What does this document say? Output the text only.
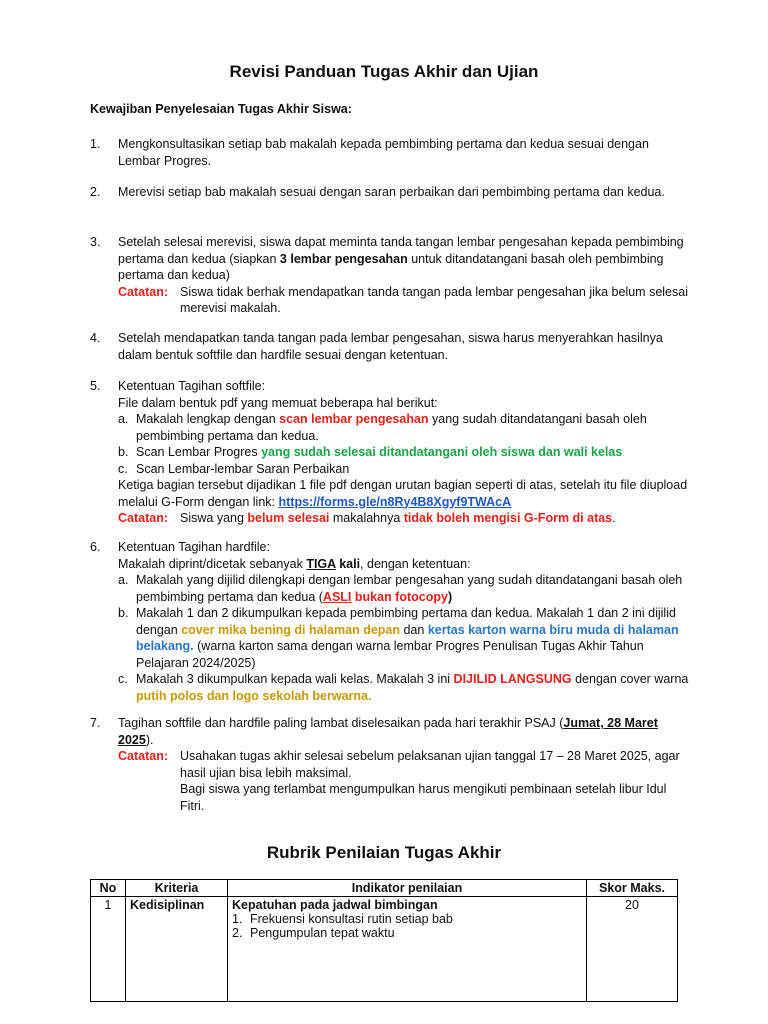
Revisi Panduan Tugas Akhir dan Ujian
Kewajiban Penyelesaian Tugas Akhir Siswa:
1. Mengkonsultasikan setiap bab makalah kepada pembimbing pertama dan kedua sesuai dengan Lembar Progres.
2. Merevisi setiap bab makalah sesuai dengan saran perbaikan dari pembimbing pertama dan kedua.
3. Setelah selesai merevisi, siswa dapat meminta tanda tangan lembar pengesahan kepada pembimbing pertama dan kedua (siapkan 3 lembar pengesahan untuk ditandatangani basah oleh pembimbing pertama dan kedua)
Catatan: Siswa tidak berhak mendapatkan tanda tangan pada lembar pengesahan jika belum selesai merevisi makalah.
4. Setelah mendapatkan tanda tangan pada lembar pengesahan, siswa harus menyerahkan hasilnya dalam bentuk softfile dan hardfile sesuai dengan ketentuan.
5. Ketentuan Tagihan softfile:
File dalam bentuk pdf yang memuat beberapa hal berikut:
a. Makalah lengkap dengan scan lembar pengesahan yang sudah ditandatangani basah oleh pembimbing pertama dan kedua.
b. Scan Lembar Progres yang sudah selesai ditandatangani oleh siswa dan wali kelas
c. Scan Lembar-lembar Saran Perbaikan
Ketiga bagian tersebut dijadikan 1 file pdf dengan urutan bagian seperti di atas, setelah itu file diupload melalui G-Form dengan link: https://forms.gle/n8Ry4B8Xgyf9TWAcA
Catatan: Siswa yang belum selesai makalahnya tidak boleh mengisi G-Form di atas.
6. Ketentuan Tagihan hardfile:
Makalah diprint/dicetak sebanyak TIGA kali, dengan ketentuan:
a. Makalah yang dijilid dilengkapi dengan lembar pengesahan yang sudah ditandatangani basah oleh pembimbing pertama dan kedua (ASLI bukan fotocopy)
b. Makalah 1 dan 2 dikumpulkan kepada pembimbing pertama dan kedua. Makalah 1 dan 2 ini dijilid dengan cover mika bening di halaman depan dan kertas karton warna biru muda di halaman belakang. (warna karton sama dengan warna lembar Progres Penulisan Tugas Akhir Tahun Pelajaran 2024/2025)
c. Makalah 3 dikumpulkan kepada wali kelas. Makalah 3 ini DIJILID LANGSUNG dengan cover warna putih polos dan logo sekolah berwarna.
7. Tagihan softfile dan hardfile paling lambat diselesaikan pada hari terakhir PSAJ (Jumat, 28 Maret 2025).
Catatan: Usahakan tugas akhir selesai sebelum pelaksanan ujian tanggal 17 – 28 Maret 2025, agar hasil ujian bisa lebih maksimal.
Bagi siswa yang terlambat mengumpulkan harus mengikuti pembinaan setelah libur Idul Fitri.
Rubrik Penilaian Tugas Akhir
No	Kriteria	Indikator penilaian	Skor Maks.
1	Kedisiplinan	Kepatuhan pada jadwal bimbingan
1. Frekuensi konsultasi rutin setiap bab
2. Pengumpulan tepat waktu	20
